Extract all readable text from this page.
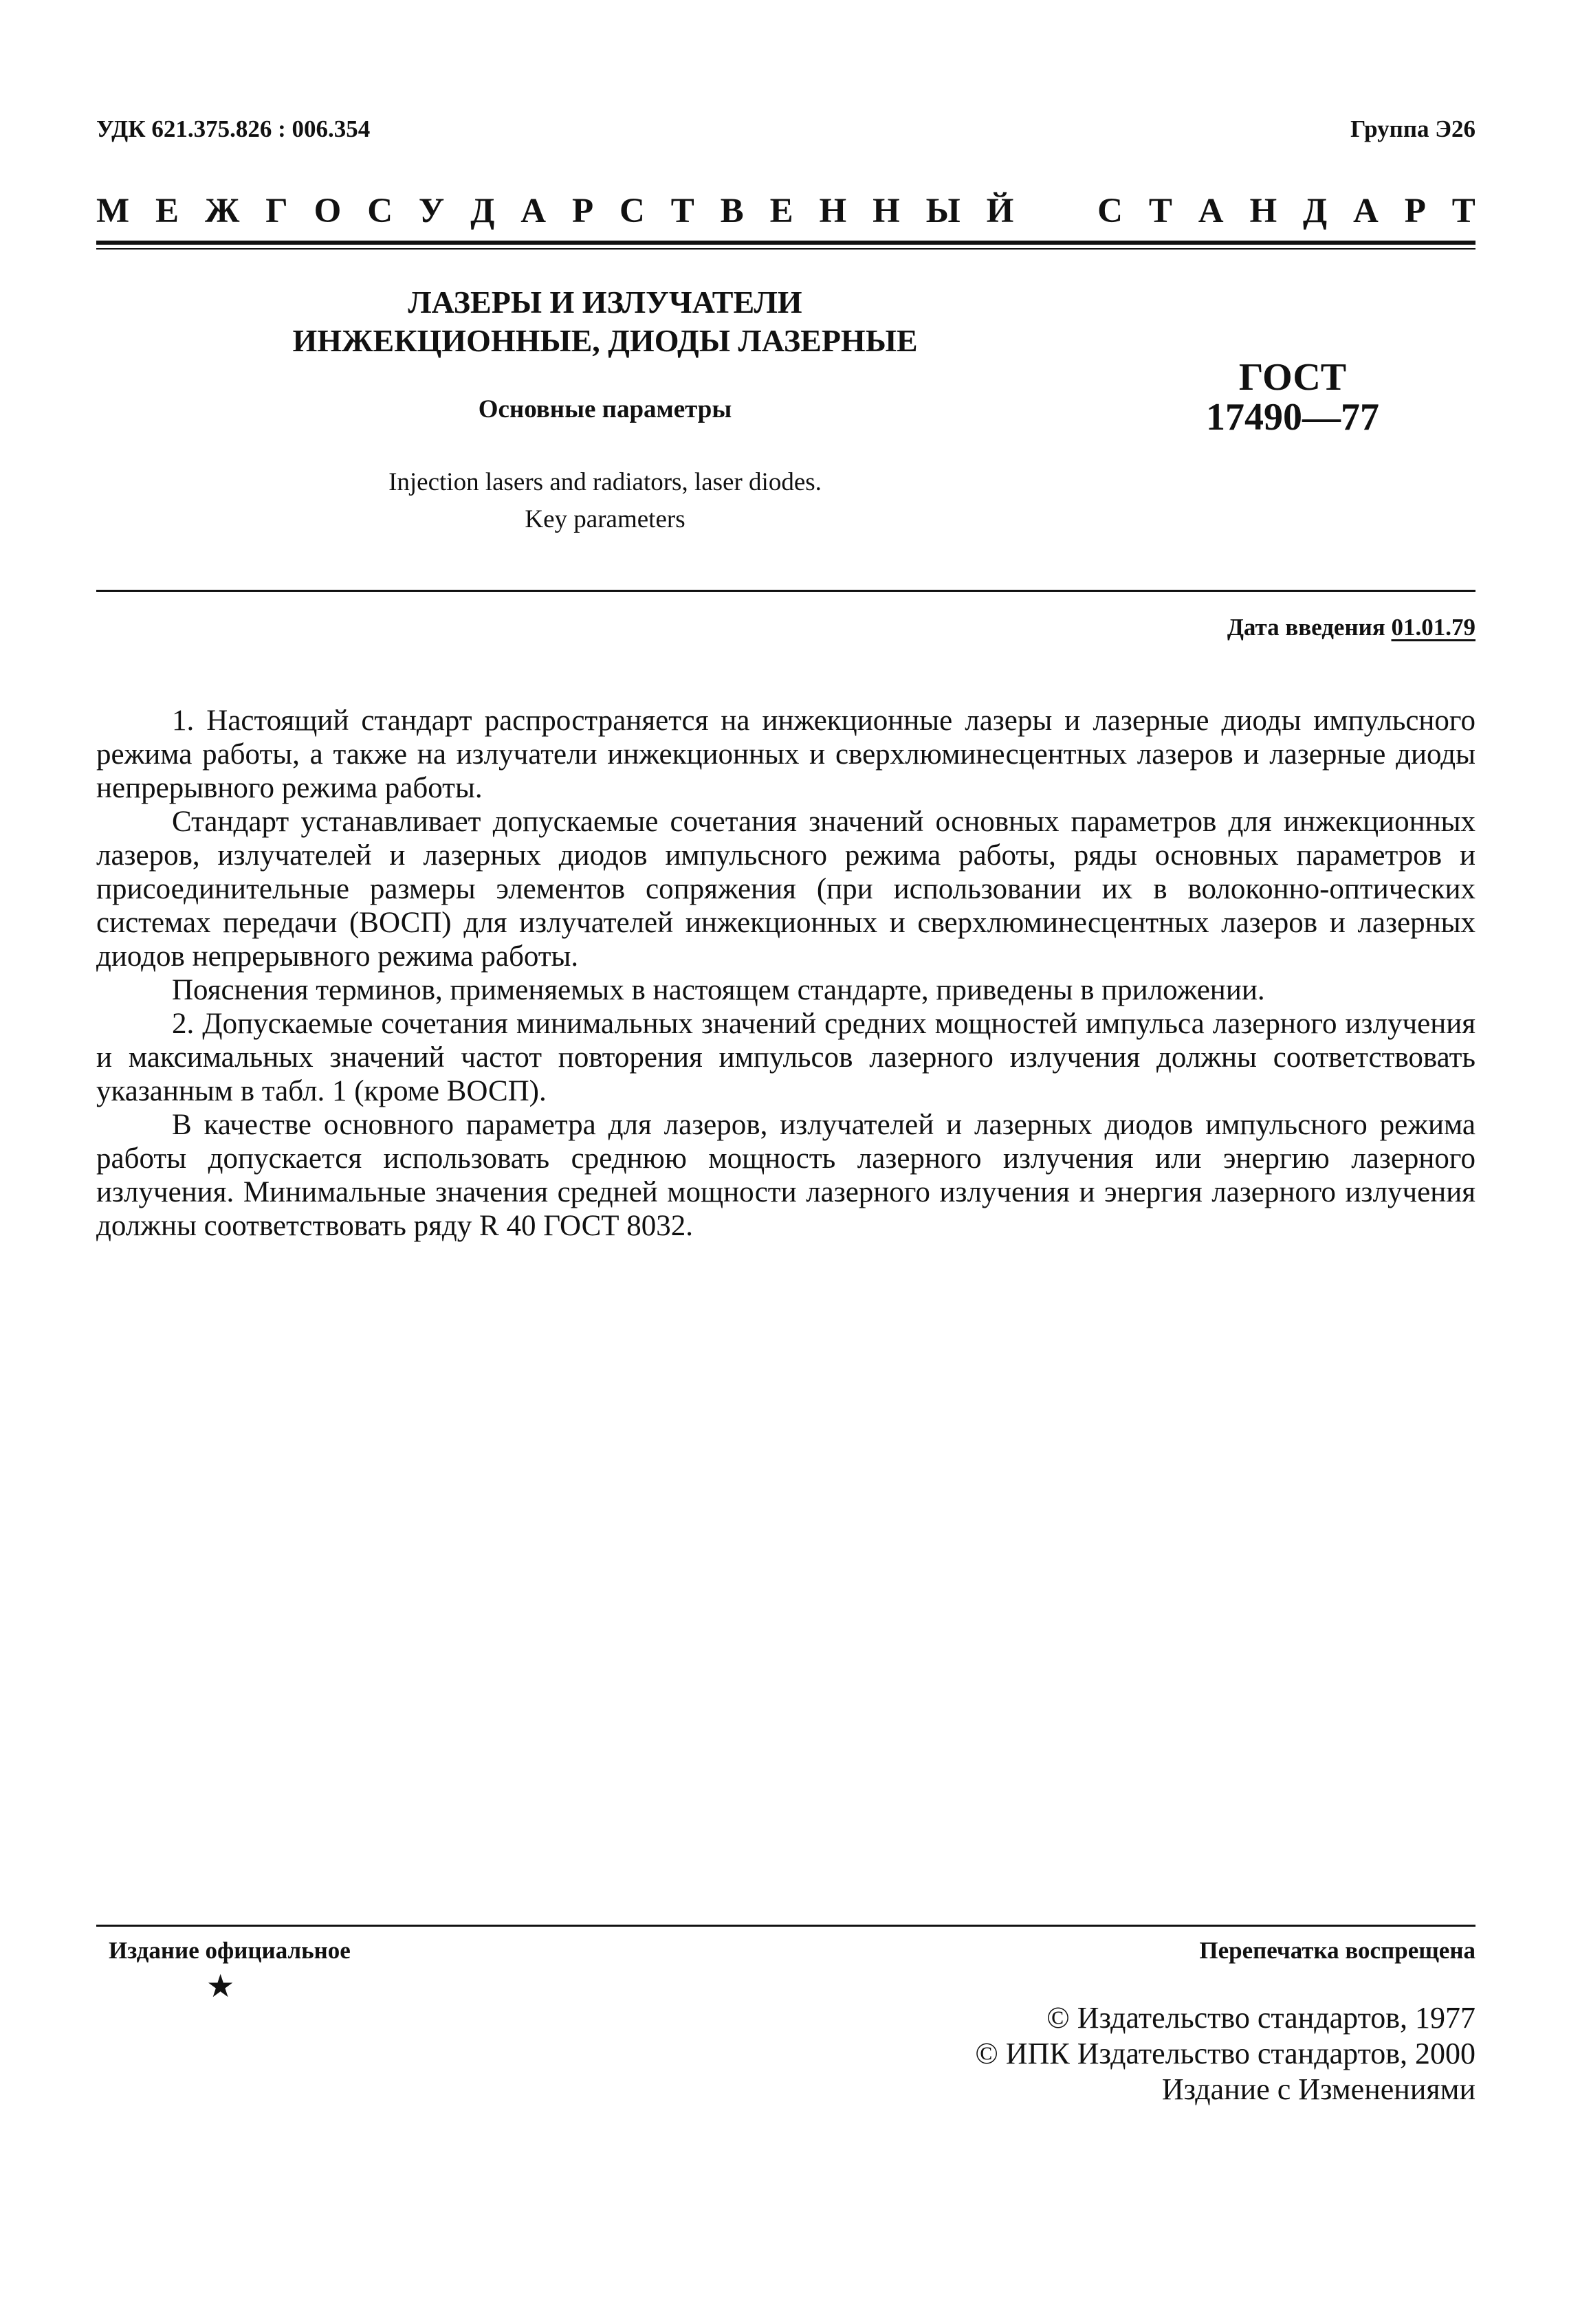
УДК 621.375.826 : 006.354	Группа Э26
М Е Ж Г О С У Д А Р С Т В Е Н Н Ы Й С Т А Н Д А Р Т
ЛАЗЕРЫ И ИЗЛУЧАТЕЛИ
ИНЖЕКЦИОННЫЕ, ДИОДЫ ЛАЗЕРНЫЕ
Основные параметры
Injection lasers and radiators, laser diodes.
Key parameters
ГОСТ
17490—77
Дата введения 01.01.79

1. Настоящий стандарт распространяется на инжекционные лазеры и лазерные диоды импульсного режима работы, а также на излучатели инжекционных и сверхлюминесцентных лазеров и лазерные диоды непрерывного режима работы.

Стандарт устанавливает допускаемые сочетания значений основных параметров для инжекционных лазеров, излучателей и лазерных диодов импульсного режима работы, ряды основных параметров и присоединительные размеры элементов сопряжения (при использовании их в волоконно-оптических системах передачи (ВОСП) для излучателей инжекционных и сверхлюминесцентных лазеров и лазерных диодов непрерывного режима работы.

Пояснения терминов, применяемых в настоящем стандарте, приведены в приложении.

2. Допускаемые сочетания минимальных значений средних мощностей импульса лазерного излучения и максимальных значений частот повторения импульсов лазерного излучения должны соответствовать указанным в табл. 1 (кроме ВОСП).

В качестве основного параметра для лазеров, излучателей и лазерных диодов импульсного режима работы допускается использовать среднюю мощность лазерного излучения или энергию лазерного излучения. Минимальные значения средней мощности лазерного излучения и энергия лазерного излучения должны соответствовать ряду R 40 ГОСТ 8032.

Издание официальное
★
Перепечатка воспрещена
© Издательство стандартов, 1977
© ИПК Издательство стандартов, 2000
Издание с Изменениями
